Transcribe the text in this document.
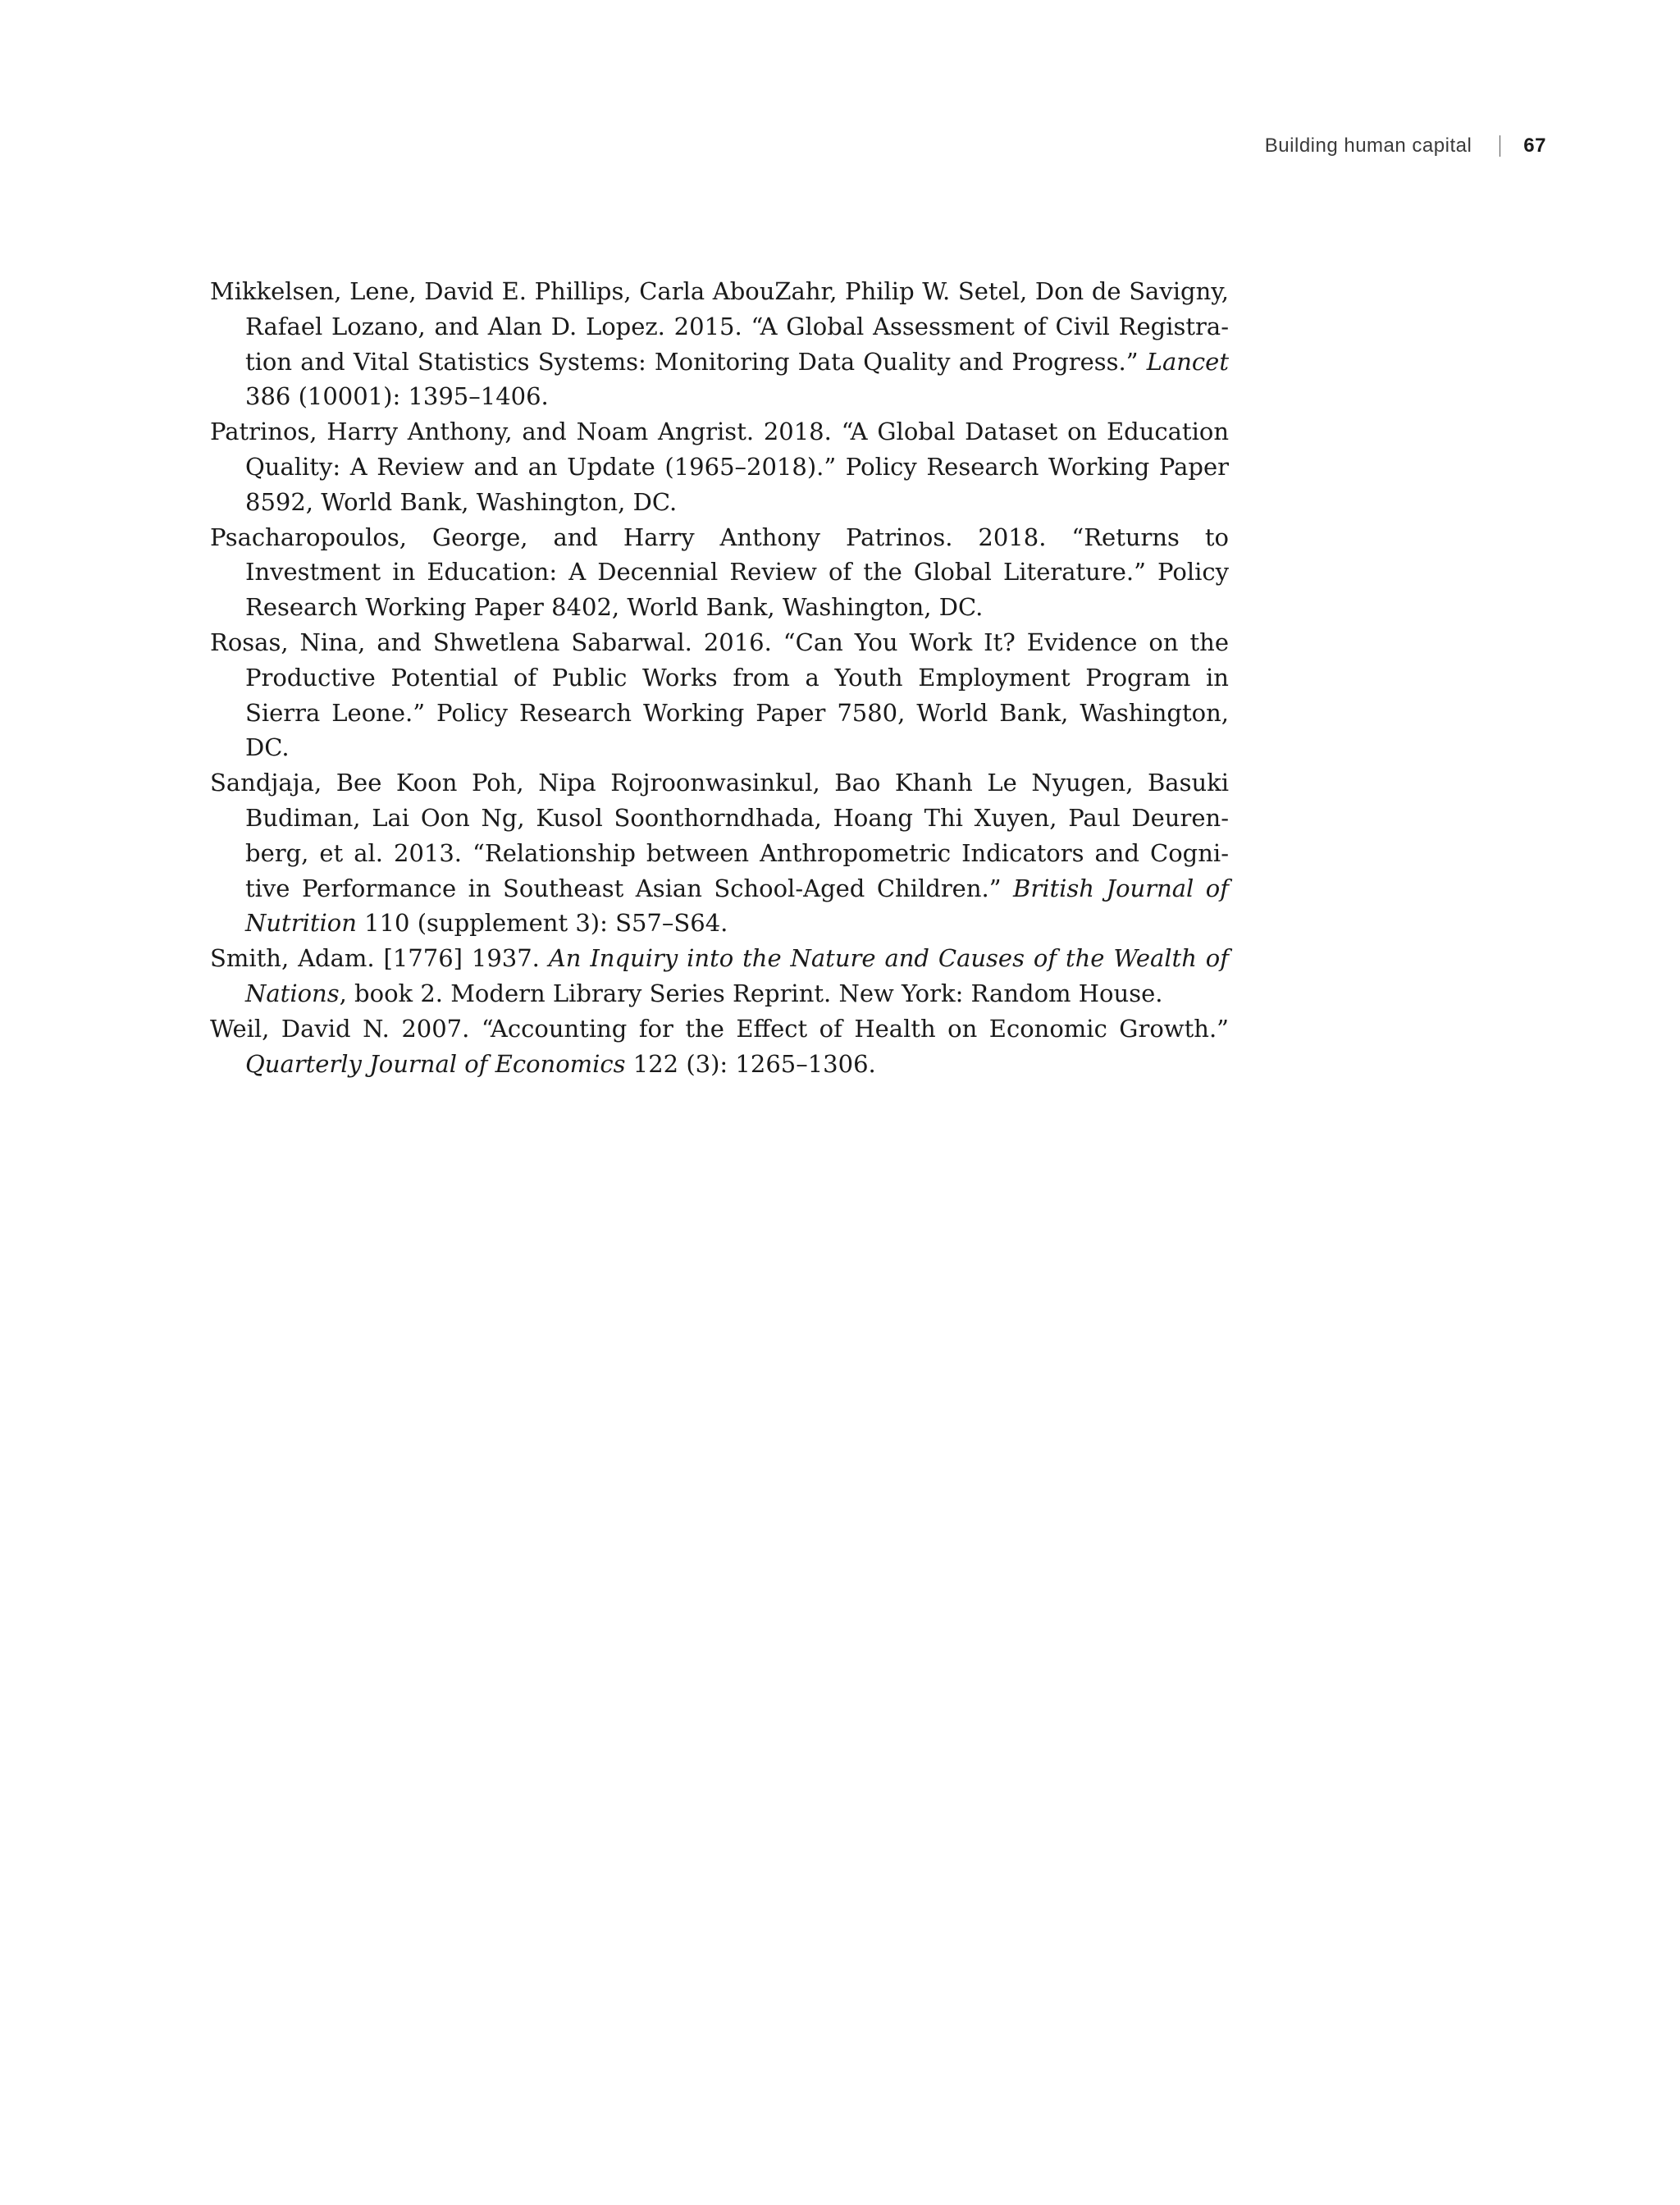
Building human capital	67

Mikkelsen, Lene, David E. Phillips, Carla AbouZahr, Philip W. Setel, Don de Savigny, Rafael Lozano, and Alan D. Lopez. 2015. “A Global Assessment of Civil Registration and Vital Statistics Systems: Monitoring Data Quality and Progress.” Lancet 386 (10001): 1395–1406.

Patrinos, Harry Anthony, and Noam Angrist. 2018. “A Global Dataset on Education Quality: A Review and an Update (1965–2018).” Policy Research Working Paper 8592, World Bank, Washington, DC.

Psacharopoulos, George, and Harry Anthony Patrinos. 2018. “Returns to Investment in Education: A Decennial Review of the Global Literature.” Policy Research Working Paper 8402, World Bank, Washington, DC.

Rosas, Nina, and Shwetlena Sabarwal. 2016. “Can You Work It? Evidence on the Productive Potential of Public Works from a Youth Employment Program in Sierra Leone.” Policy Research Working Paper 7580, World Bank, Washington, DC.

Sandjaja, Bee Koon Poh, Nipa Rojroonwasinkul, Bao Khanh Le Nyugen, Basuki Budiman, Lai Oon Ng, Kusol Soonthorndhada, Hoang Thi Xuyen, Paul Deurenberg, et al. 2013. “Relationship between Anthropometric Indicators and Cognitive Performance in Southeast Asian School-Aged Children.” British Journal of Nutrition 110 (supplement 3): S57–S64.

Smith, Adam. [1776] 1937. An Inquiry into the Nature and Causes of the Wealth of Nations, book 2. Modern Library Series Reprint. New York: Random House.

Weil, David N. 2007. “Accounting for the Effect of Health on Economic Growth.” Quarterly Journal of Economics 122 (3): 1265–1306.
